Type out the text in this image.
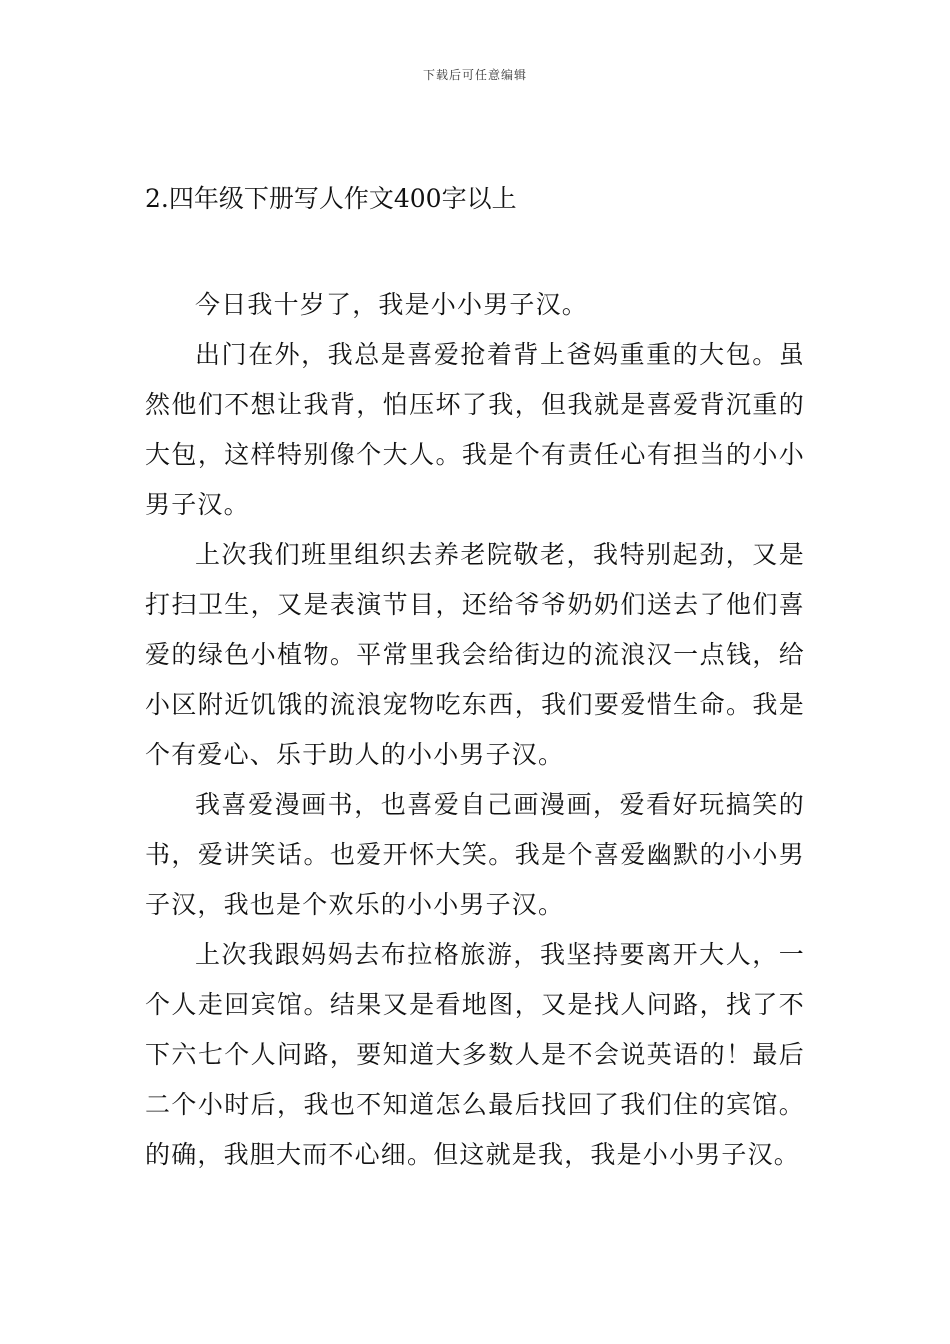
下载后可任意编辑
2.四年级下册写人作文400字以上

今日我十岁了，我是小小男子汉。

出门在外，我总是喜爱抢着背上爸妈重重的大包。虽然他们不想让我背，怕压坏了我，但我就是喜爱背沉重的大包，这样特别像个大人。我是个有责任心有担当的小小男子汉。

上次我们班里组织去养老院敬老，我特别起劲，又是打扫卫生，又是表演节目，还给爷爷奶奶们送去了他们喜爱的绿色小植物。平常里我会给街边的流浪汉一点钱，给小区附近饥饿的流浪宠物吃东西，我们要爱惜生命。我是个有爱心、乐于助人的小小男子汉。

我喜爱漫画书，也喜爱自己画漫画，爱看好玩搞笑的书，爱讲笑话。也爱开怀大笑。我是个喜爱幽默的小小男子汉，我也是个欢乐的小小男子汉。

上次我跟妈妈去布拉格旅游，我坚持要离开大人，一个人走回宾馆。结果又是看地图，又是找人问路，找了不下六七个人问路，要知道大多数人是不会说英语的！最后二个小时后，我也不知道怎么最后找回了我们住的宾馆。的确，我胆大而不心细。但这就是我，我是小小男子汉。
